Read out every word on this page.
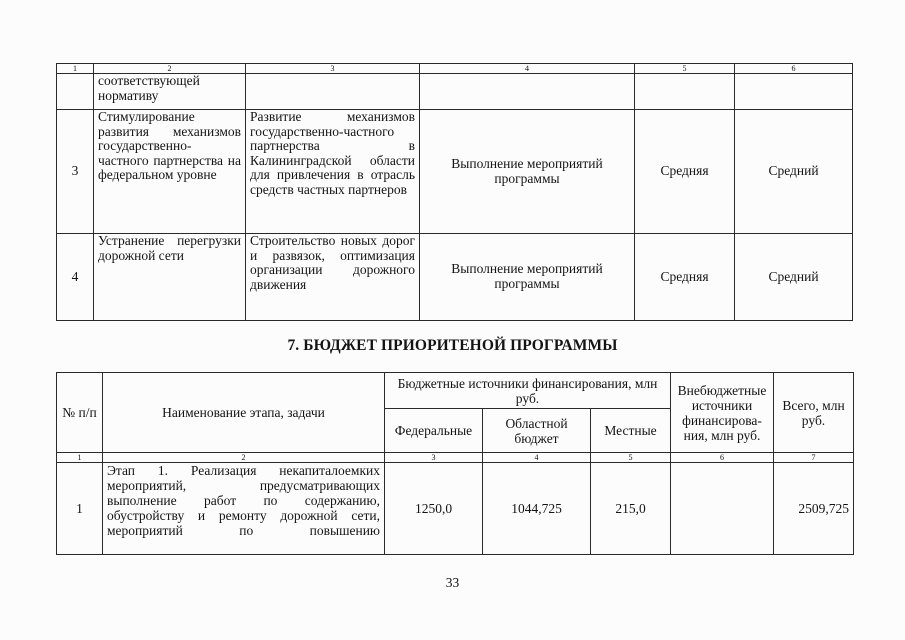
1	2	3	4	5	6
	соответствующей нормативу				
3	Стимулирование развития механизмов государственно-частного партнерства на федеральном уровне	Развитие механизмов государственно-частного партнерства в Калининградской области для привлечения в отрасль средств частных партнеров	Выполнение мероприятий программы	Средняя	Средний
4	Устранение перегрузки дорожной сети	Строительство новых дорог и развязок, оптимизация организации дорожного движения	Выполнение мероприятий программы	Средняя	Средний
7. БЮДЖЕТ ПРИОРИТЕНОЙ ПРОГРАММЫ
№ п/п	Наименование этапа, задачи	Бюджетные источники финансирования, млн руб.			Внебюджетные источники финансирова-ния, млн руб.	Всего, млн руб.
		Федеральные	Областной бюджет	Местные		
1	2	3	4	5	6	7
1	Этап 1. Реализация некапиталоемких мероприятий, предусматривающих выполнение работ по содержанию, обустройству и ремонту дорожной сети, мероприятий по повышению	1250,0	1044,725	215,0		2509,725
33
